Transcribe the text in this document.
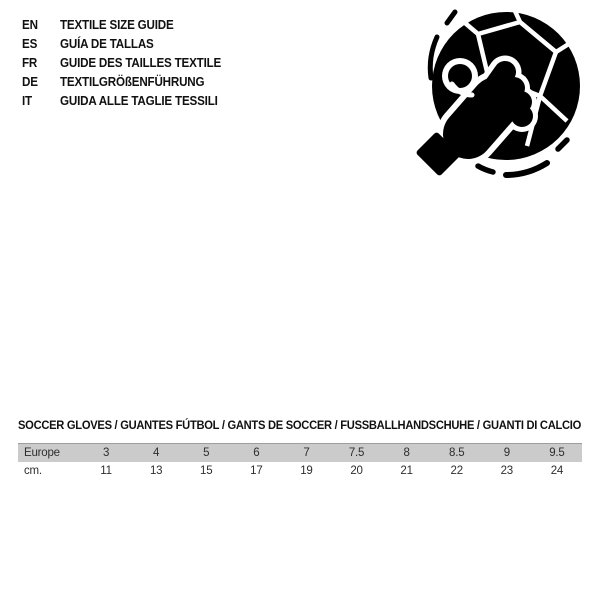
EN	TEXTILE SIZE GUIDE
ES	GUÍA DE TALLAS
FR	GUIDE DES TAILLES TEXTILE
DE	TEXTILGRÖßENFÜHRUNG
IT	GUIDA ALLE TAGLIE TESSILI
SOCCER GLOVES / GUANTES FÚTBOL / GANTS DE SOCCER / FUSSBALLHANDSCHUHE / GUANTI DI CALCIO
Europe	3	4	5	6	7	7.5	8	8.5	9	9.5
cm.	11	13	15	17	19	20	21	22	23	24
